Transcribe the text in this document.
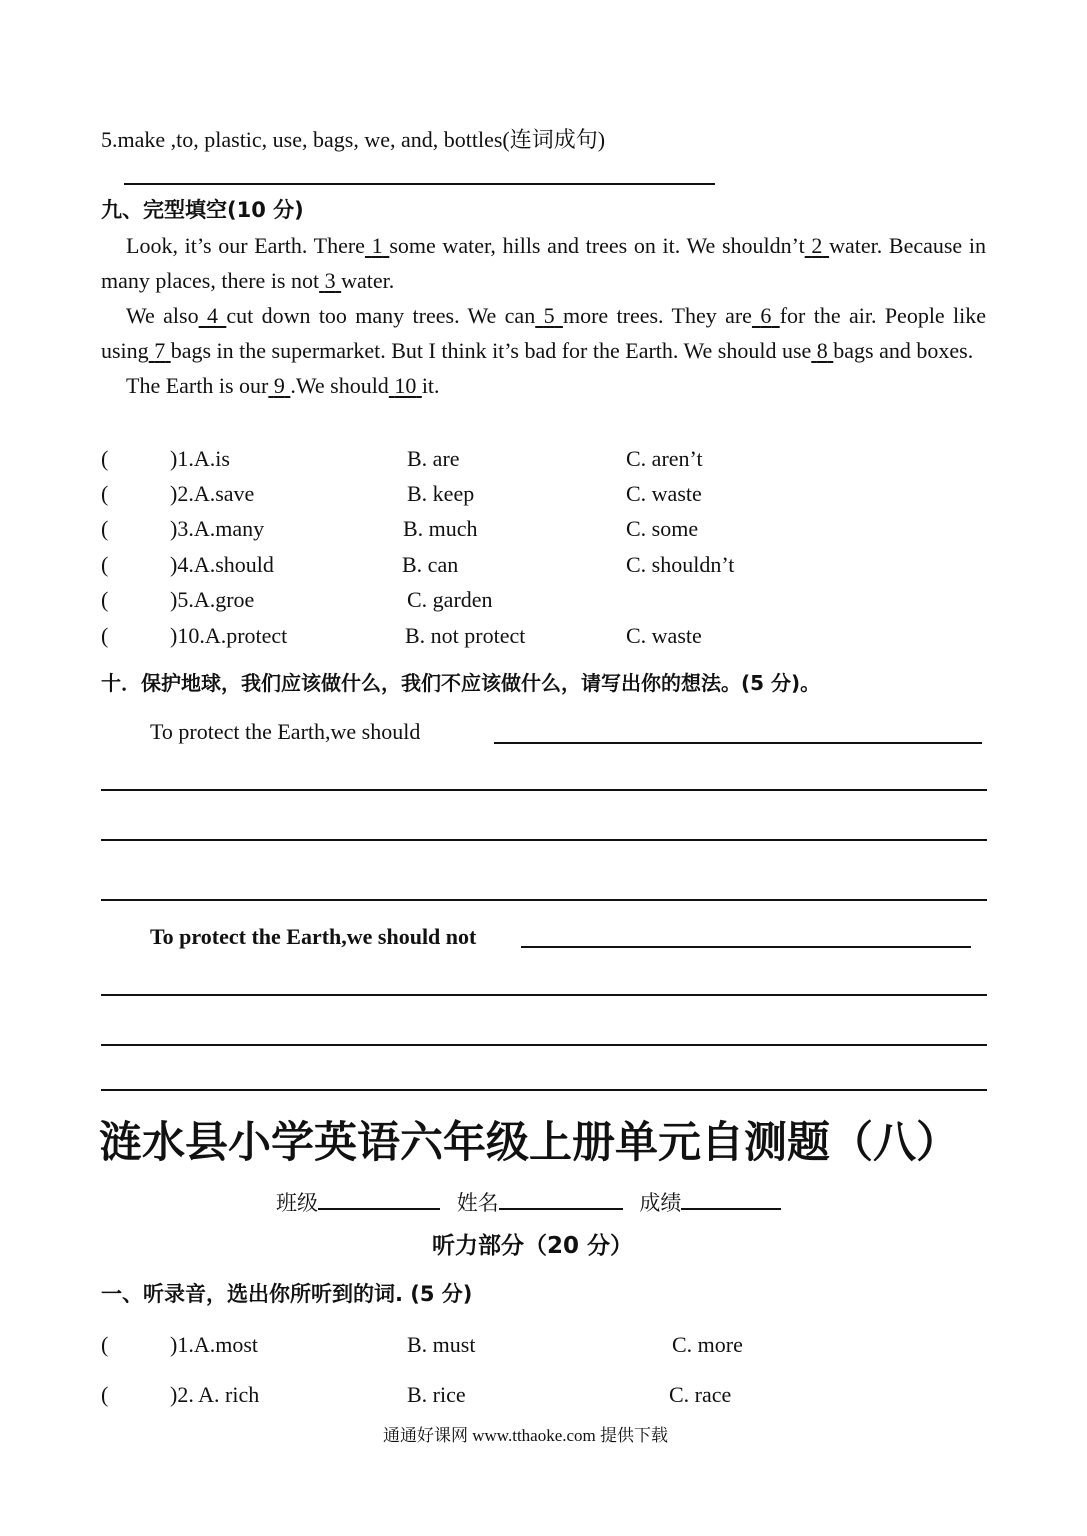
5.make ,to, plastic, use, bags, we, and, bottles(连词成句)
九、完型填空(10 分)

Look, it’s our Earth. There 1 some water, hills and trees on it. We shouldn’t 2 water. Because in many places, there is not 3 water.

We also 4 cut down too many trees. We can 5 more trees. They are 6 for the air. People like using 7 bags in the supermarket. But I think it’s bad for the Earth. We should use 8 bags and boxes.

The Earth is our 9 .We should 10 it.

(	)1.A.is	B. are	C. aren’t
(	)2.A.save	B. keep	C. waste
(	)3.A.many	B. much	C. some
(	)4.A.should	B. can	C. shouldn’t
(	)5.A.groe	C. garden
(	)10.A.protect	B. not protect	C. waste
十．保护地球，我们应该做什么，我们不应该做什么，请写出你的想法。(5 分)。
To protect the Earth,we should
To protect the Earth,we should not
涟水县小学英语六年级上册单元自测题（八）
班级	姓名	成绩
听力部分（20 分）
一、听录音，选出你所听到的词. (5 分)
(	)1.A.most	B. must	C. more
(	)2. A. rich	B. rice	C. race
通通好课网 www.tthaoke.com 提供下载
